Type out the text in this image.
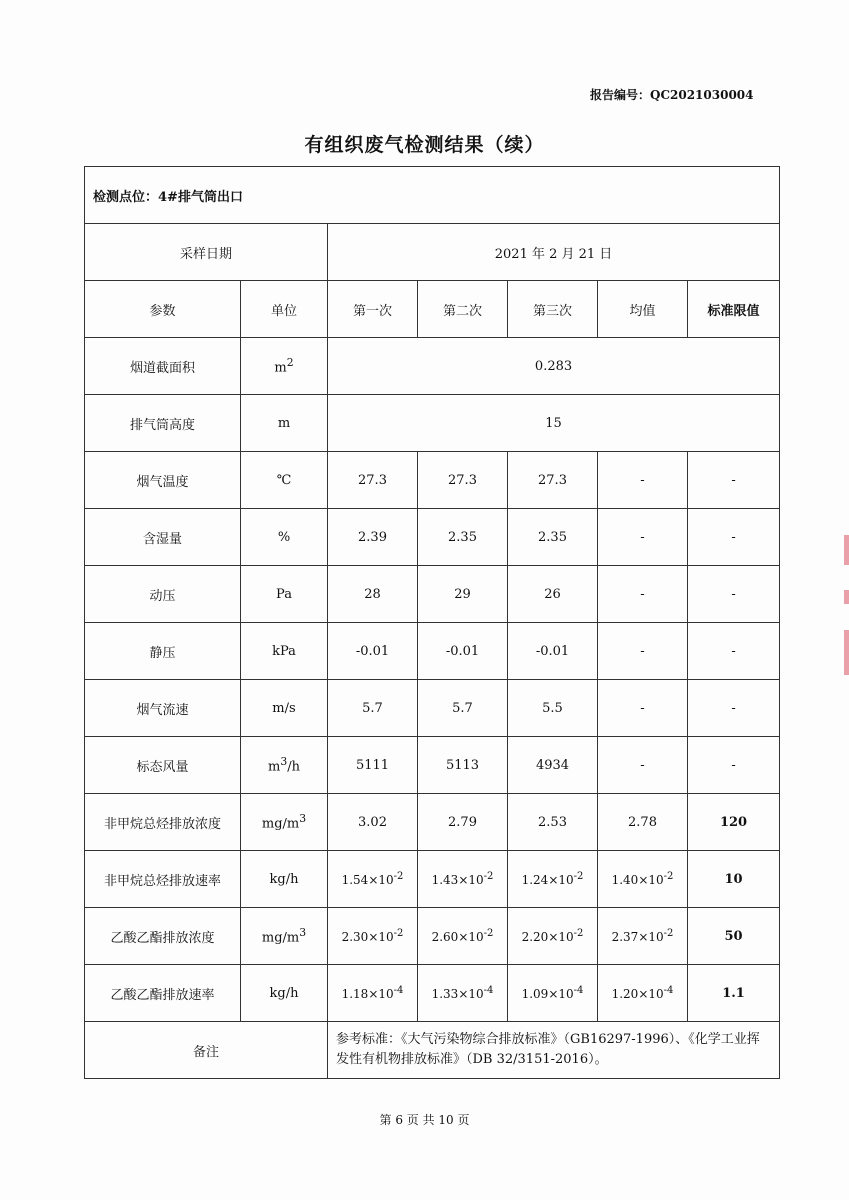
报告编号：QC2021030004
有组织废气检测结果（续）
检测点位：4#排气筒出口						
采样日期		2021 年 2 月 21 日				
参数	单位	第一次	第二次	第三次	均值	标准限值
烟道截面积	$m^2$	0.283				
排气筒高度	m	15				
烟气温度	℃	27.3	27.3	27.3	-	-
含湿量	%	2.39	2.35	2.35	-	-
动压	Pa	28	29	26	-	-
静压	kPa	-0.01	-0.01	-0.01	-	-
烟气流速	m/s	5.7	5.7	5.5	-	-
标态风量	$m^3/h$	5111	5113	4934	-	-
非甲烷总烃排放浓度	$mg/m^3$	3.02	2.79	2.53	2.78	120
非甲烷总烃排放速率	kg/h	$1.54\times 10^{-2}$	$1.43\times 10^{-2}$	$1.24\times 10^{-2}$	$1.40\times 10^{-2}$	10
乙酸乙酯排放浓度	$mg/m^3$	$2.30\times 10^{-2}$	$2.60\times 10^{-2}$	$2.20\times 10^{-2}$	$2.37\times 10^{-2}$	50
乙酸乙酯排放速率	kg/h	$1.18\times 10^{-4}$	$1.33\times 10^{-4}$	$1.09\times 10^{-4}$	$1.20\times 10^{-4}$	1.1
备注		参考标准：《大气污染物综合排放标准》（GB16297-1996）、《化学工业挥发性有机物排放标准》（DB 32/3151-2016）。				
第 6 页 共 10 页
